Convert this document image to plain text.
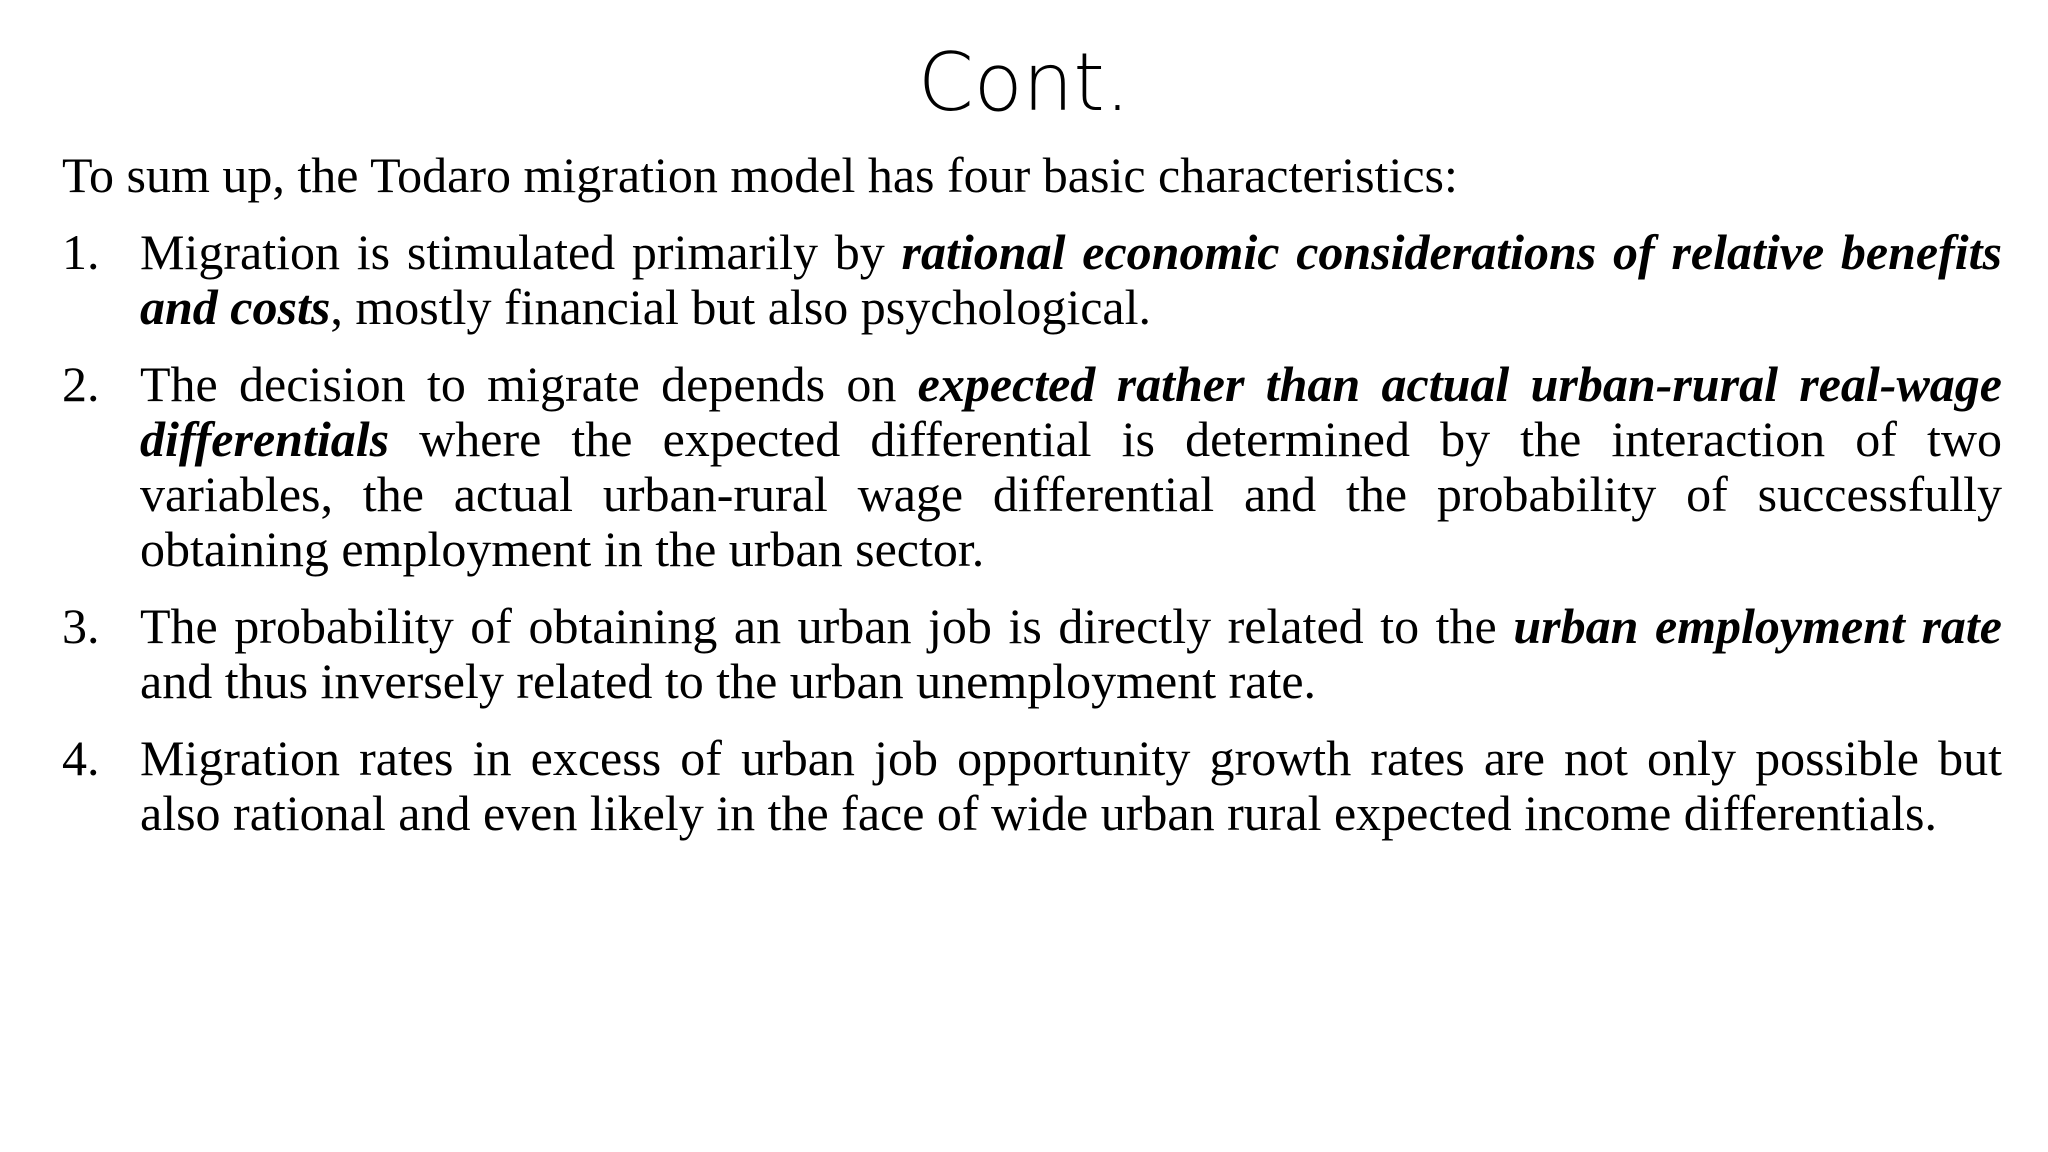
Cont.

To sum up, the Todaro migration model has four basic characteristics:

1. Migration is stimulated primarily by rational economic considerations of relative benefits and costs, mostly financial but also psychological.
2. The decision to migrate depends on expected rather than actual urban-rural real-wage differentials where the expected differential is determined by the interaction of two variables, the actual urban-rural wage differential and the probability of successfully obtaining employment in the urban sector.
3. The probability of obtaining an urban job is directly related to the urban employment rate and thus inversely related to the urban unemployment rate.
4. Migration rates in excess of urban job opportunity growth rates are not only possible but also rational and even likely in the face of wide urban rural expected income differentials.
